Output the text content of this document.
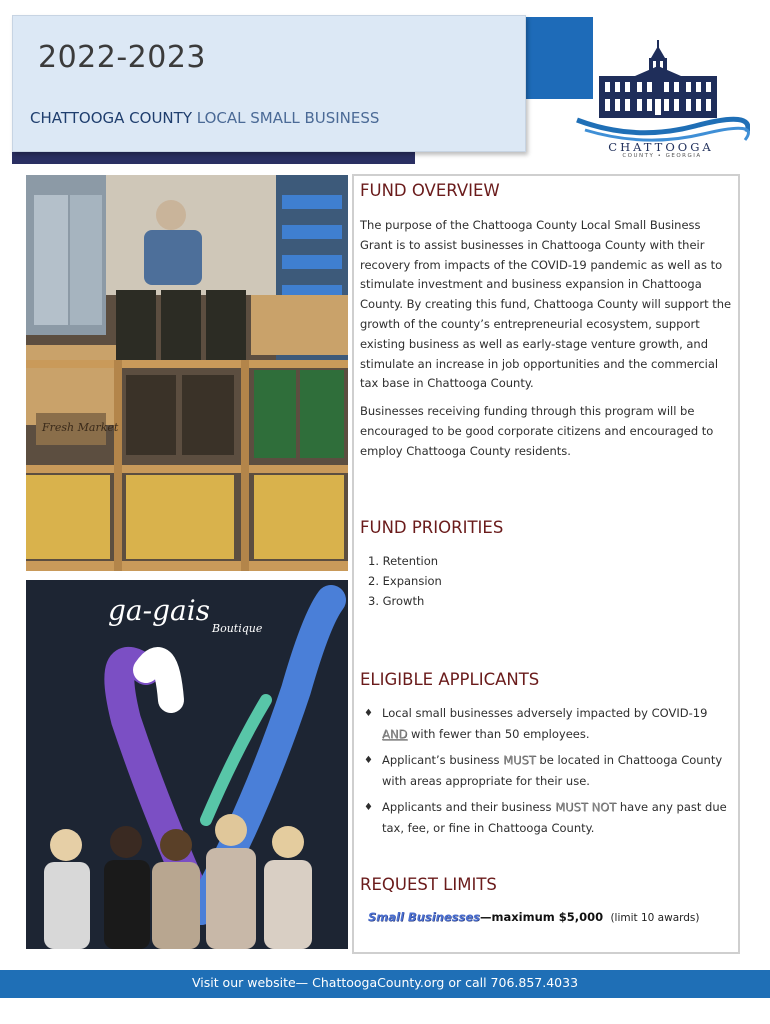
2022-2023
CHATTOOGA COUNTY LOCAL SMALL BUSINESS
CHATTOOGA
COUNTY • GEORGIA
Fresh Market
ga-gais
Boutique
FUND OVERVIEW
The purpose of the Chattooga County Local Small Business Grant is to assist businesses in Chattooga County with their recovery from impacts of the COVID-19 pandemic as well as to stimulate investment and business expansion in Chattooga County. By creating this fund, Chattooga County will support the growth of the county’s entrepreneurial ecosystem, support existing business as well as early-stage venture growth, and stimulate an increase in job opportunities and the commercial tax base in Chattooga County.
Businesses receiving funding through this program will be encouraged to be good corporate citizens and encouraged to employ Chattooga County residents.
FUND PRIORITIES
1. Retention
2. Expansion
3. Growth
ELIGIBLE APPLICANTS
♦ Local small businesses adversely impacted by COVID-19 AND with fewer than 50 employees.
♦ Applicant’s business MUST be located in Chattooga County with areas appropriate for their use.
♦ Applicants and their business MUST NOT have any past due tax, fee, or fine in Chattooga County.
REQUEST LIMITS
Small Businesses—maximum $5,000 (limit 10 awards)
Visit our website— ChattoogaCounty.org or call 706.857.4033
